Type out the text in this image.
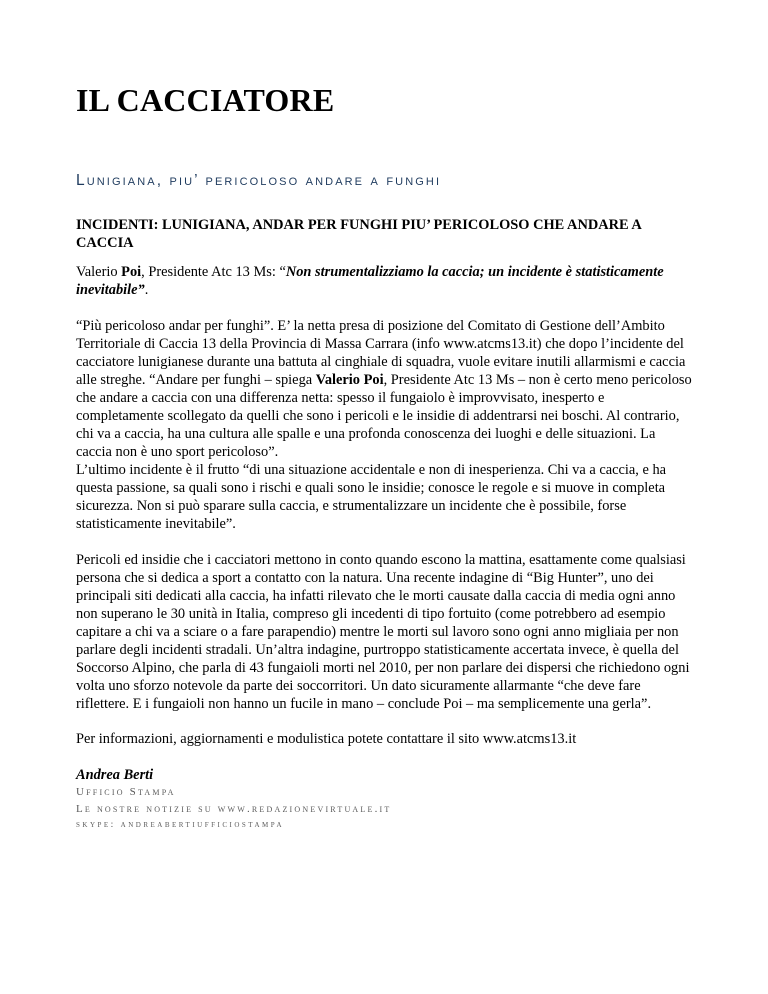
IL CACCIATORE
Lunigiana, piu’ pericoloso andare a funghi

INCIDENTI: LUNIGIANA, ANDAR PER FUNGHI PIU’ PERICOLOSO CHE ANDARE A CACCIA

Valerio Poi, Presidente Atc 13 Ms: “Non strumentalizziamo la caccia; un incidente è statisticamente inevitabile”.

“Più pericoloso andar per funghi”. E’ la netta presa di posizione del Comitato di Gestione dell’Ambito Territoriale di Caccia 13 della Provincia di Massa Carrara (info www.atcms13.it) che dopo l’incidente del cacciatore lunigianese durante una battuta al cinghiale di squadra, vuole evitare inutili allarmismi e caccia alle streghe. “Andare per funghi – spiega Valerio Poi, Presidente Atc 13 Ms – non è certo meno pericoloso che andare a caccia con una differenza netta: spesso il fungaiolo è improvvisato, inesperto e completamente scollegato da quelli che sono i pericoli e le insidie di addentrarsi nei boschi. Al contrario, chi va a caccia, ha una cultura alle spalle e una profonda conoscenza dei luoghi e delle situazioni. La caccia non è uno sport pericoloso”.

L’ultimo incidente è il frutto “di una situazione accidentale e non di inesperienza. Chi va a caccia, e ha questa passione, sa quali sono i rischi e quali sono le insidie; conosce le regole e si muove in completa sicurezza. Non si può sparare sulla caccia, e strumentalizzare un incidente che è possibile, forse statisticamente inevitabile”.

Pericoli ed insidie che i cacciatori mettono in conto quando escono la mattina, esattamente come qualsiasi persona che si dedica a sport a contatto con la natura. Una recente indagine di “Big Hunter”, uno dei principali siti dedicati alla caccia, ha infatti rilevato che le morti causate dalla caccia di media ogni anno non superano le 30 unità in Italia, compreso gli incedenti di tipo fortuito (come potrebbero ad esempio capitare a chi va a sciare o a fare parapendio) mentre le morti sul lavoro sono ogni anno migliaia per non parlare degli incidenti stradali. Un’altra indagine, purtroppo statisticamente accertata invece, è quella del Soccorso Alpino, che parla di 43 fungaioli morti nel 2010, per non parlare dei dispersi che richiedono ogni volta uno sforzo notevole da parte dei soccorritori. Un dato sicuramente allarmante “che deve fare riflettere. E i fungaioli non hanno un fucile in mano – conclude Poi – ma semplicemente una gerla”.

Per informazioni, aggiornamenti e modulistica potete contattare il sito www.atcms13.it

Andrea Berti

Ufficio Stampa

Le nostre notizie su www.redazionevirtuale.it

skype: andreabertiufficiostampa
